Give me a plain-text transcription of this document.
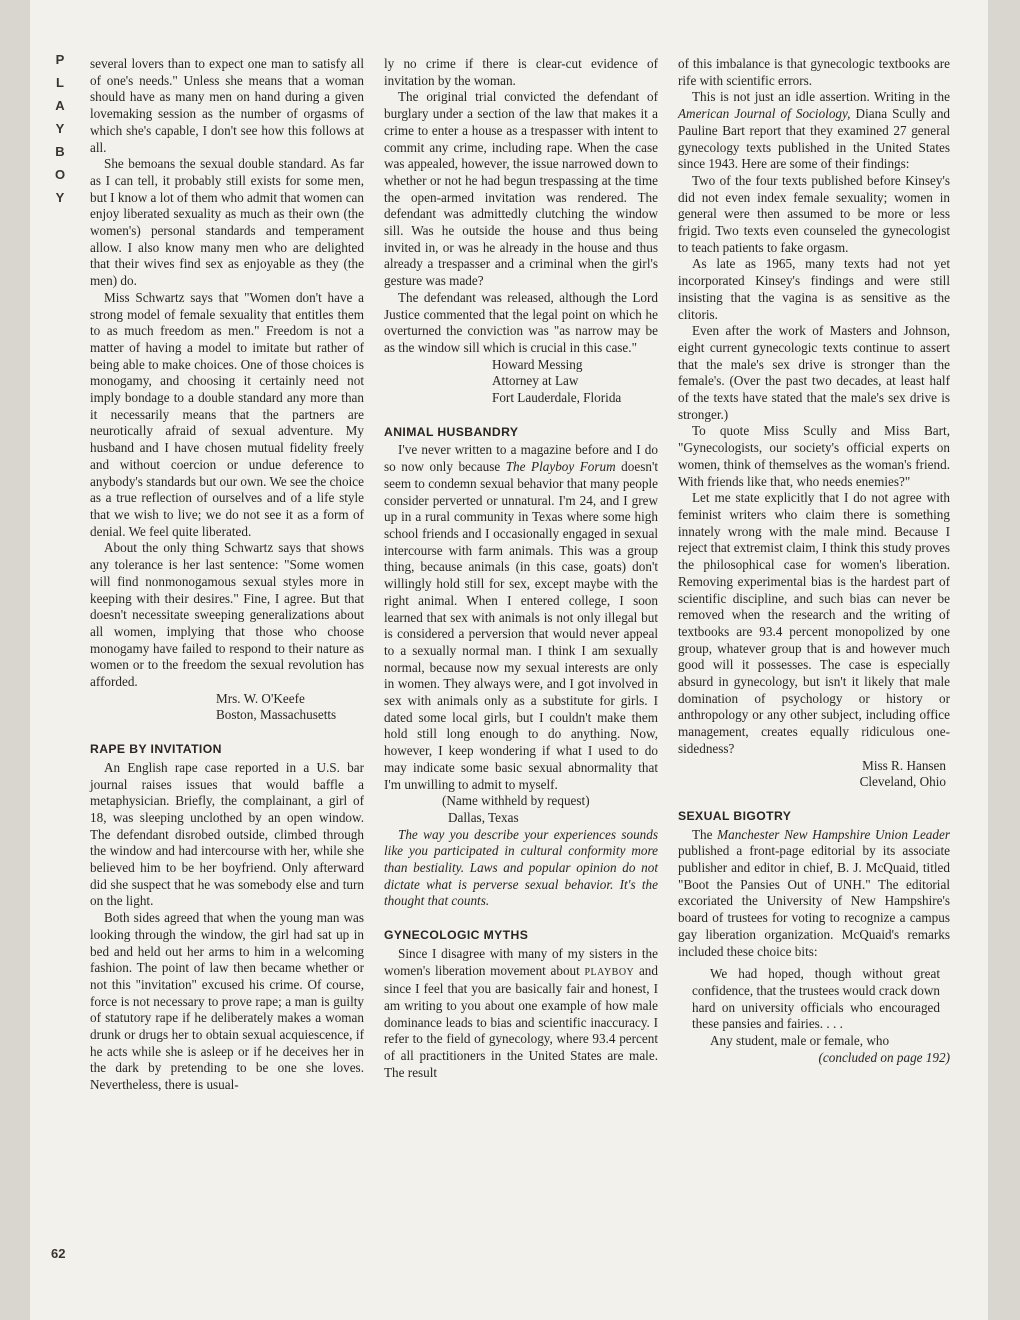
P
L
A
Y
B
O
Y
62

several lovers than to expect one man to satisfy all of one's needs." Unless she means that a woman should have as many men on hand during a given lovemaking session as the number of orgasms of which she's capable, I don't see how this follows at all.

She bemoans the sexual double standard. As far as I can tell, it probably still exists for some men, but I know a lot of them who admit that women can enjoy liberated sexuality as much as their own (the women's) personal standards and temperament allow. I also know many men who are delighted that their wives find sex as enjoyable as they (the men) do.

Miss Schwartz says that "Women don't have a strong model of female sexuality that entitles them to as much freedom as men." Freedom is not a matter of having a model to imitate but rather of being able to make choices. One of those choices is monogamy, and choosing it certainly need not imply bondage to a double standard any more than it necessarily means that the partners are neurotically afraid of sexual adventure. My husband and I have chosen mutual fidelity freely and without coercion or undue deference to anybody's standards but our own. We see the choice as a true reflection of ourselves and of a life style that we wish to live; we do not see it as a form of denial. We feel quite liberated.

About the only thing Schwartz says that shows any tolerance is her last sentence: "Some women will find nonmonogamous sexual styles more in keeping with their desires." Fine, I agree. But that doesn't necessitate sweeping generalizations about all women, implying that those who choose monogamy have failed to respond to their nature as women or to the freedom the sexual revolution has afforded.

Mrs. W. O'Keefe
Boston, Massachusetts
RAPE BY INVITATION

An English rape case reported in a U.S. bar journal raises issues that would baffle a metaphysician. Briefly, the complainant, a girl of 18, was sleeping unclothed by an open window. The defendant disrobed outside, climbed through the window and had intercourse with her, while she believed him to be her boyfriend. Only afterward did she suspect that he was somebody else and turn on the light.

Both sides agreed that when the young man was looking through the window, the girl had sat up in bed and held out her arms to him in a welcoming fashion. The point of law then became whether or not this "invitation" excused his crime. Of course, force is not necessary to prove rape; a man is guilty of statutory rape if he deliberately makes a woman drunk or drugs her to obtain sexual acquiescence, if he acts while she is asleep or if he deceives her in the dark by pretending to be one she loves. Nevertheless, there is usual-

ly no crime if there is clear-cut evidence of invitation by the woman.

The original trial convicted the defendant of burglary under a section of the law that makes it a crime to enter a house as a trespasser with intent to commit any crime, including rape. When the case was appealed, however, the issue narrowed down to whether or not he had begun trespassing at the time the open-armed invitation was rendered. The defendant was admittedly clutching the window sill. Was he outside the house and thus being invited in, or was he already in the house and thus already a trespasser and a criminal when the girl's gesture was made?

The defendant was released, although the Lord Justice commented that the legal point on which he overturned the conviction was "as narrow may be as the window sill which is crucial in this case."

Howard Messing
Attorney at Law
Fort Lauderdale, Florida
ANIMAL HUSBANDRY

I've never written to a magazine before and I do so now only because The Playboy Forum doesn't seem to condemn sexual behavior that many people consider perverted or unnatural. I'm 24, and I grew up in a rural community in Texas where some high school friends and I occasionally engaged in sexual intercourse with farm animals. This was a group thing, because animals (in this case, goats) don't willingly hold still for sex, except maybe with the right animal. When I entered college, I soon learned that sex with animals is not only illegal but is considered a perversion that would never appeal to a sexually normal man. I think I am sexually normal, because now my sexual interests are only in women. They always were, and I got involved in sex with animals only as a substitute for girls. I dated some local girls, but I couldn't make them hold still long enough to do anything. Now, however, I keep wondering if what I used to do may indicate some basic sexual abnormality that I'm unwilling to admit to myself.

(Name withheld by request)
Dallas, Texas

The way you describe your experiences sounds like you participated in cultural conformity more than bestiality. Laws and popular opinion do not dictate what is perverse sexual behavior. It's the thought that counts.

GYNECOLOGIC MYTHS

Since I disagree with many of my sisters in the women's liberation movement about PLAYBOY and since I feel that you are basically fair and honest, I am writing to you about one example of how male dominance leads to bias and scientific inaccuracy. I refer to the field of gynecology, where 93.4 percent of all practitioners in the United States are male. The result

of this imbalance is that gynecologic textbooks are rife with scientific errors.

This is not just an idle assertion. Writing in the American Journal of Sociology, Diana Scully and Pauline Bart report that they examined 27 general gynecology texts published in the United States since 1943. Here are some of their findings:

Two of the four texts published before Kinsey's did not even index female sexuality; women in general were then assumed to be more or less frigid. Two texts even counseled the gynecologist to teach patients to fake orgasm.

As late as 1965, many texts had not yet incorporated Kinsey's findings and were still insisting that the vagina is as sensitive as the clitoris.

Even after the work of Masters and Johnson, eight current gynecologic texts continue to assert that the male's sex drive is stronger than the female's. (Over the past two decades, at least half of the texts have stated that the male's sex drive is stronger.)

To quote Miss Scully and Miss Bart, "Gynecologists, our society's official experts on women, think of themselves as the woman's friend. With friends like that, who needs enemies?"

Let me state explicitly that I do not agree with feminist writers who claim there is something innately wrong with the male mind. Because I reject that extremist claim, I think this study proves the philosophical case for women's liberation. Removing experimental bias is the hardest part of scientific discipline, and such bias can never be removed when the research and the writing of textbooks are 93.4 percent monopolized by one group, whatever group that is and however much good will it possesses. The case is especially absurd in gynecology, but isn't it likely that male domination of psychology or history or anthropology or any other subject, including office management, creates equally ridiculous one-sidedness?

Miss R. Hansen
Cleveland, Ohio
SEXUAL BIGOTRY

The Manchester New Hampshire Union Leader published a front-page editorial by its associate publisher and editor in chief, B. J. McQuaid, titled "Boot the Pansies Out of UNH." The editorial excoriated the University of New Hampshire's board of trustees for voting to recognize a campus gay liberation organization. McQuaid's remarks included these choice bits:

We had hoped, though without great confidence, that the trustees would crack down hard on university officials who encouraged these pansies and fairies. . . .

Any student, male or female, who

(concluded on page 192)
